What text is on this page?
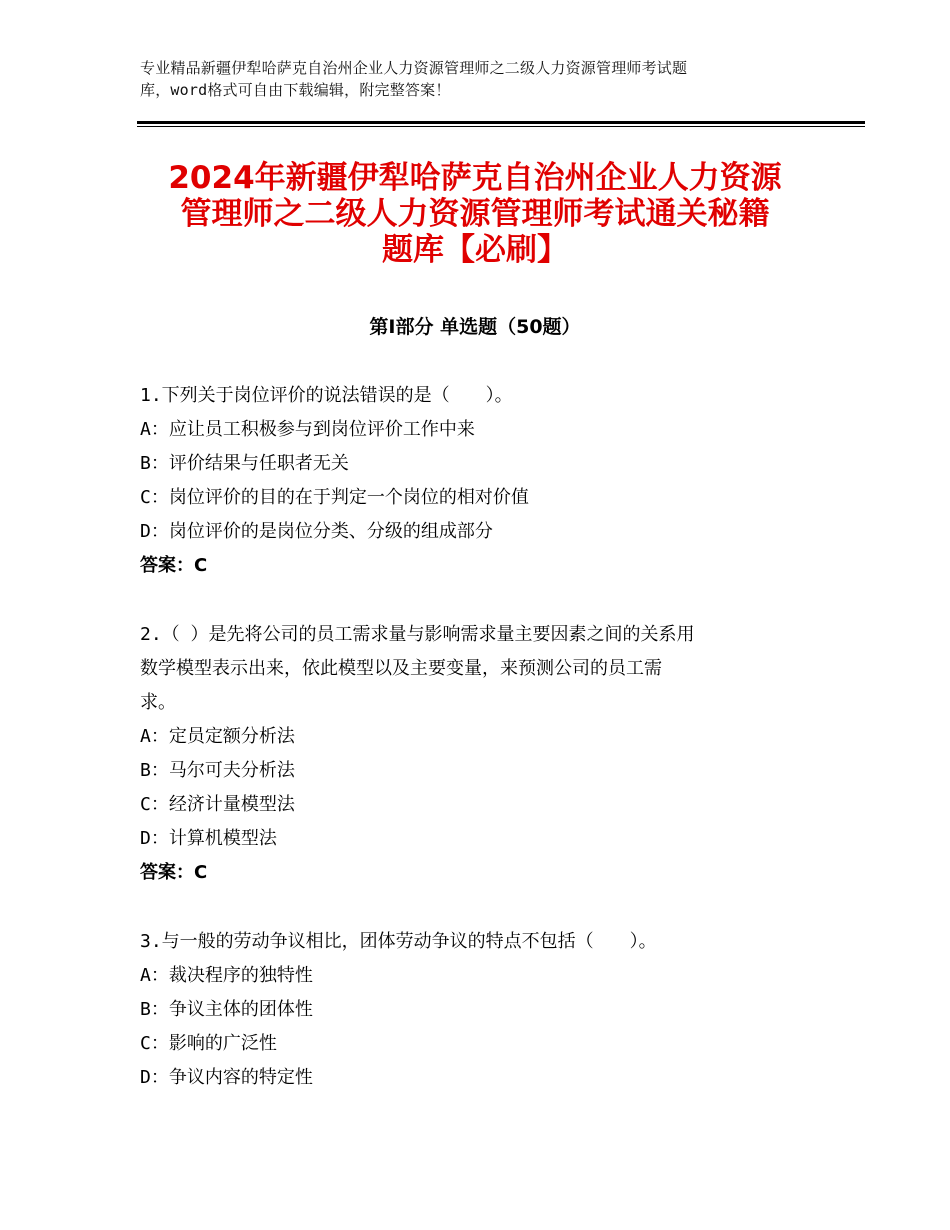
专业精品新疆伊犁哈萨克自治州企业人力资源管理师之二级人力资源管理师考试题
库，word格式可自由下载编辑，附完整答案！
2024年新疆伊犁哈萨克自治州企业人力资源
管理师之二级人力资源管理师考试通关秘籍
题库【必刷】
第Ⅰ部分 单选题（50题）
1.下列关于岗位评价的说法错误的是（　　）。
A：应让员工积极参与到岗位评价工作中来
B：评价结果与任职者无关
C：岗位评价的目的在于判定一个岗位的相对价值
D：岗位评价的是岗位分类、分级的组成部分
答案：C
2.（ ）是先将公司的员工需求量与影响需求量主要因素之间的关系用
数学模型表示出来，依此模型以及主要变量，来预测公司的员工需
求。
A：定员定额分析法
B：马尔可夫分析法
C：经济计量模型法
D：计算机模型法
答案：C
3.与一般的劳动争议相比，团体劳动争议的特点不包括（　　）。
A：裁决程序的独特性
B：争议主体的团体性
C：影响的广泛性
D：争议内容的特定性
